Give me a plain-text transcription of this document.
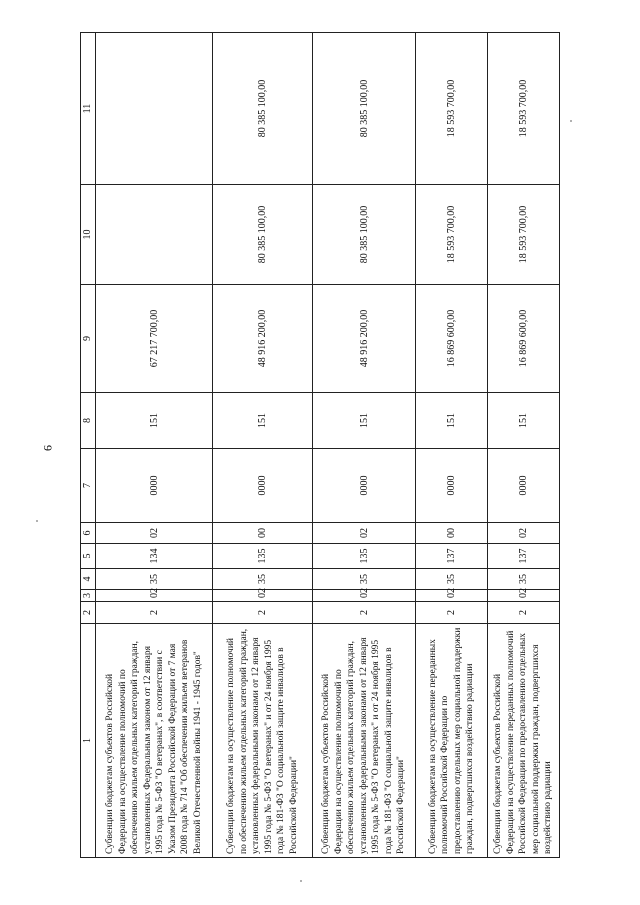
9
1	2	3	4	5	6	7	8	9	10	11
Субвенции бюджетам субъектов Российской Федерации на осуществление полномочий по обеспечению жильем отдельных категорий граждан, установленных Федеральным законом от 12 января 1995 года № 5-ФЗ "О ветеранах", в соответствии с Указом Президента Российской Федерации от 7 мая 2008 года № 714 "Об обеспечении жильем ветеранов Великой Отечественной войны 1941 - 1945 годов"	2	02	35	134	02	0000	151	67 217 700,00		
Субвенции бюджетам на осуществление полномочий по обеспечению жильем отдельных категорий граждан, установленных федеральными законами от 12 января 1995 года № 5-ФЗ "О ветеранах" и от 24 ноября 1995 года № 181-ФЗ "О социальной защите инвалидов в Российской Федерации"	2	02	35	135	00	0000	151	48 916 200,00	80 385 100,00	80 385 100,00
Субвенции бюджетам субъектов Российской Федерации на осуществление полномочий по обеспечению жильем отдельных категорий граждан, установленных федеральными законами от 12 января 1995 года № 5-ФЗ "О ветеранах" и от 24 ноября 1995 года № 181-ФЗ "О социальной защите инвалидов в Российской Федерации"	2	02	35	135	02	0000	151	48 916 200,00	80 385 100,00	80 385 100,00
Субвенции бюджетам на осуществление переданных полномочий Российской Федерации по предоставлению отдельных мер социальной поддержки граждан, подвергшихся воздействию радиации	2	02	35	137	00	0000	151	16 869 600,00	18 593 700,00	18 593 700,00
Субвенции бюджетам субъектов Российской Федерации на осуществление переданных полномочий Российской Федерации по предоставлению отдельных мер социальной поддержки граждан, подвергшихся воздействию радиации	2	02	35	137	02	0000	151	16 869 600,00	18 593 700,00	18 593 700,00
